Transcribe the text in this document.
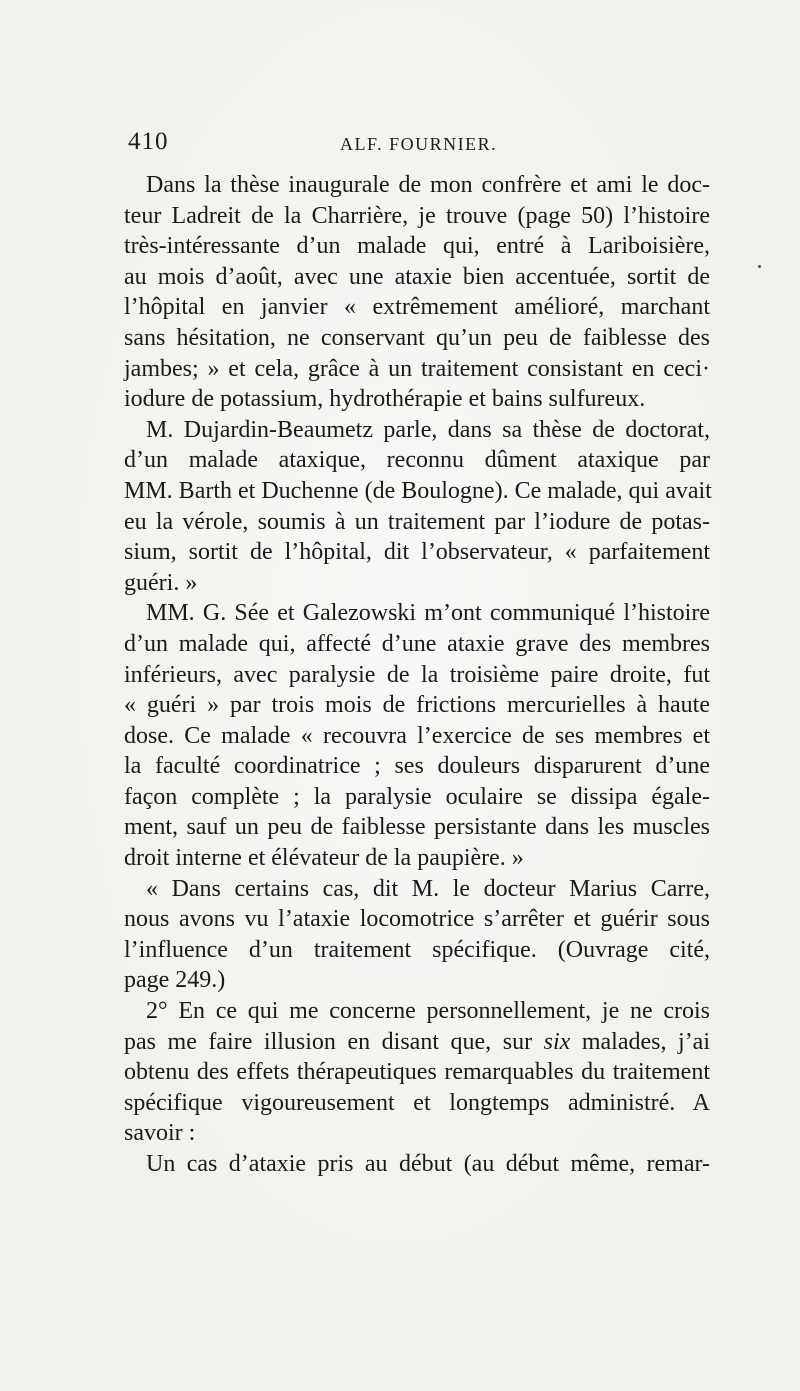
410	ALF. FOURNIER.
Dans la thèse inaugurale de mon confrère et ami le doc-
teur Ladreit de la Charrière, je trouve (page 50) l’histoire
très-intéressante d’un malade qui, entré à Lariboisière,
au mois d’août, avec une ataxie bien accentuée, sortit de
l’hôpital en janvier « extrêmement amélioré, marchant
sans hésitation, ne conservant qu’un peu de faiblesse des
jambes; » et cela, grâce à un traitement consistant en ceci·
iodure de potassium, hydrothérapie et bains sulfureux.
M. Dujardin-Beaumetz parle, dans sa thèse de doctorat,
d’un malade ataxique, reconnu dûment ataxique par
MM. Barth et Duchenne (de Boulogne). Ce malade, qui avait
eu la vérole, soumis à un traitement par l’iodure de potas-
sium, sortit de l’hôpital, dit l’observateur, « parfaitement
guéri. »
MM. G. Sée et Galezowski m’ont communiqué l’histoire
d’un malade qui, affecté d’une ataxie grave des membres
inférieurs, avec paralysie de la troisième paire droite, fut
« guéri » par trois mois de frictions mercurielles à haute
dose. Ce malade « recouvra l’exercice de ses membres et
la faculté coordinatrice ; ses douleurs disparurent d’une
façon complète ; la paralysie oculaire se dissipa égale-
ment, sauf un peu de faiblesse persistante dans les muscles
droit interne et élévateur de la paupière. »
« Dans certains cas, dit M. le docteur Marius Carre,
nous avons vu l’ataxie locomotrice s’arrêter et guérir sous
l’influence d’un traitement spécifique. (Ouvrage cité,
page 249.)
2° En ce qui me concerne personnellement, je ne crois
pas me faire illusion en disant que, sur six malades, j’ai
obtenu des effets thérapeutiques remarquables du traitement
spécifique vigoureusement et longtemps administré. A
savoir :
Un cas d’ataxie pris au début (au début même, remar-
